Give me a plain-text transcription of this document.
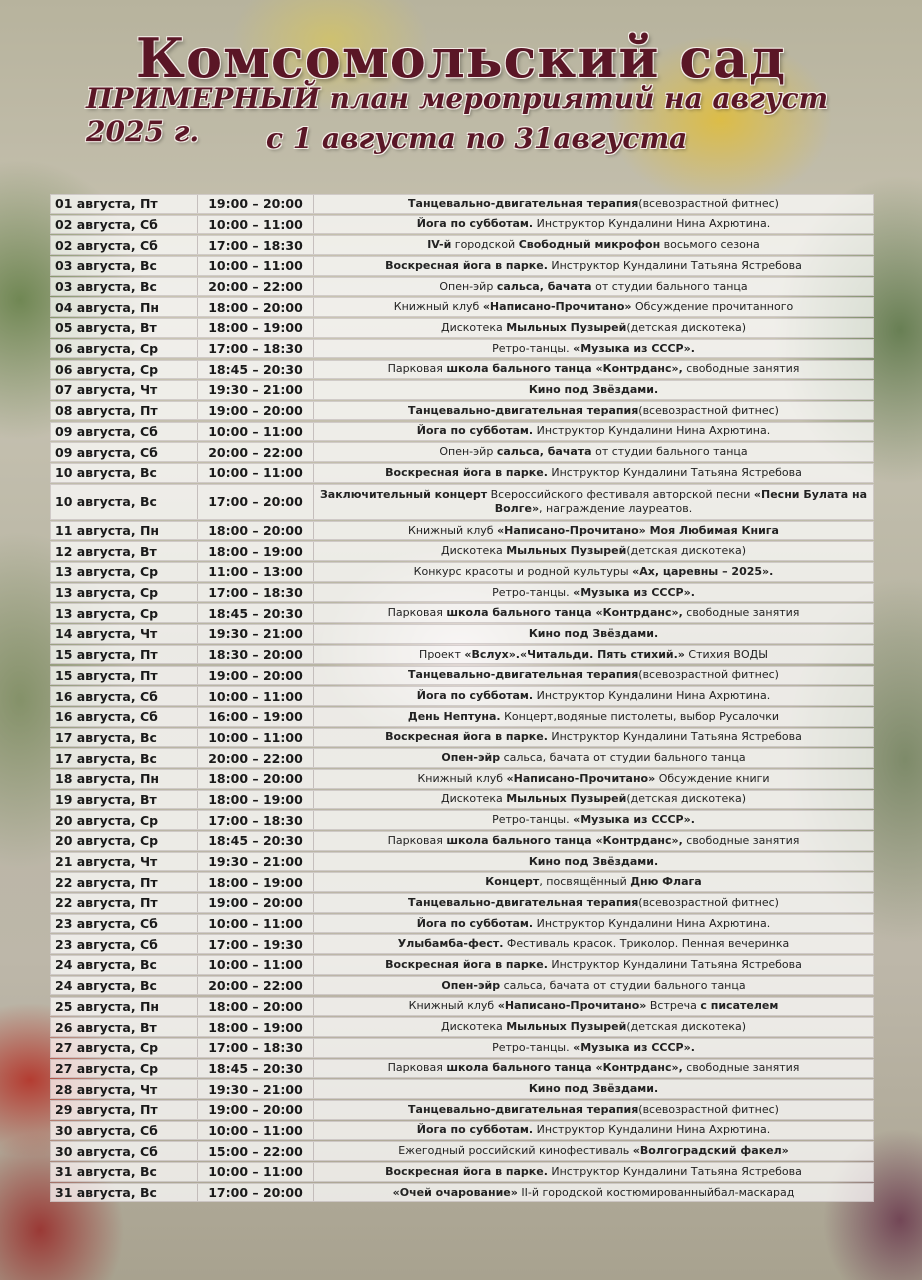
Комсомольский сад
ПРИМЕРНЫЙ план мероприятий на август 2025 г.	с 1 августа по 31августа
01 августа, Пт	19:00 – 20:00	Танцевально-двигательная терапия(всевозрастной фитнес)
02 августа, Сб	10:00 – 11:00	Йога по субботам. Инструктор Кундалини Нина Ахрютина.
02 августа, Сб	17:00 – 18:30	IV-й городской Свободный микрофон восьмого сезона
03 августа, Вс	10:00 – 11:00	Воскресная йога в парке. Инструктор Кундалини Татьяна Ястребова
03 августа, Вс	20:00 – 22:00	Опен-эйр сальса, бачата от студии бального танца
04 августа, Пн	18:00 – 20:00	Книжный клуб «Написано-Прочитано» Обсуждение прочитанного
05 августа, Вт	18:00 – 19:00	Дискотека Мыльных Пузырей(детская дискотека)
06 августа, Ср	17:00 – 18:30	Ретро-танцы. «Музыка из СССР».
06 августа, Ср	18:45 – 20:30	Парковая школа бального танца «Контрданс», свободные занятия
07 августа, Чт	19:30 – 21:00	Кино под Звёздами.
08 августа, Пт	19:00 – 20:00	Танцевально-двигательная терапия(всевозрастной фитнес)
09 августа, Сб	10:00 – 11:00	Йога по субботам. Инструктор Кундалини Нина Ахрютина.
09 августа, Сб	20:00 – 22:00	Опен-эйр сальса, бачата от студии бального танца
10 августа, Вс	10:00 – 11:00	Воскресная йога в парке. Инструктор Кундалини Татьяна Ястребова
10 августа, Вс	17:00 – 20:00	Заключительный концерт Всероссийского фестиваля авторской песни «Песни Булата на Волге», награждение лауреатов.
11 августа, Пн	18:00 – 20:00	Книжный клуб «Написано-Прочитано» Моя Любимая Книга
12 августа, Вт	18:00 – 19:00	Дискотека Мыльных Пузырей(детская дискотека)
13 августа, Ср	11:00 – 13:00	Конкурс красоты и родной культуры «Ах, царевны – 2025».
13 августа, Ср	17:00 – 18:30	Ретро-танцы. «Музыка из СССР».
13 августа, Ср	18:45 – 20:30	Парковая школа бального танца «Контрданс», свободные занятия
14 августа, Чт	19:30 – 21:00	Кино под Звёздами.
15 августа, Пт	18:30 – 20:00	Проект «Вслух».«Читальди. Пять стихий.» Стихия ВОДЫ
15 августа, Пт	19:00 – 20:00	Танцевально-двигательная терапия(всевозрастной фитнес)
16 августа, Сб	10:00 – 11:00	Йога по субботам. Инструктор Кундалини Нина Ахрютина.
16 августа, Сб	16:00 – 19:00	День Нептуна. Концерт,водяные пистолеты, выбор Русалочки
17 августа, Вс	10:00 – 11:00	Воскресная йога в парке. Инструктор Кундалини Татьяна Ястребова
17 августа, Вс	20:00 – 22:00	Опен-эйр сальса, бачата от студии бального танца
18 августа, Пн	18:00 – 20:00	Книжный клуб «Написано-Прочитано» Обсуждение книги
19 августа, Вт	18:00 – 19:00	Дискотека Мыльных Пузырей(детская дискотека)
20 августа, Ср	17:00 – 18:30	Ретро-танцы. «Музыка из СССР».
20 августа, Ср	18:45 – 20:30	Парковая школа бального танца «Контрданс», свободные занятия
21 августа, Чт	19:30 – 21:00	Кино под Звёздами.
22 августа, Пт	18:00 – 19:00	Концерт, посвящённый Дню Флага
22 августа, Пт	19:00 – 20:00	Танцевально-двигательная терапия(всевозрастной фитнес)
23 августа, Сб	10:00 – 11:00	Йога по субботам. Инструктор Кундалини Нина Ахрютина.
23 августа, Сб	17:00 – 19:30	Улыбамба-фест. Фестиваль красок. Триколор. Пенная вечеринка
24 августа, Вс	10:00 – 11:00	Воскресная йога в парке. Инструктор Кундалини Татьяна Ястребова
24 августа, Вс	20:00 – 22:00	Опен-эйр сальса, бачата от студии бального танца
25 августа, Пн	18:00 – 20:00	Книжный клуб «Написано-Прочитано» Встреча с писателем
26 августа, Вт	18:00 – 19:00	Дискотека Мыльных Пузырей(детская дискотека)
27 августа, Ср	17:00 – 18:30	Ретро-танцы. «Музыка из СССР».
27 августа, Ср	18:45 – 20:30	Парковая школа бального танца «Контрданс», свободные занятия
28 августа, Чт	19:30 – 21:00	Кино под Звёздами.
29 августа, Пт	19:00 – 20:00	Танцевально-двигательная терапия(всевозрастной фитнес)
30 августа, Сб	10:00 – 11:00	Йога по субботам. Инструктор Кундалини Нина Ахрютина.
30 августа, Сб	15:00 – 22:00	Ежегодный российский кинофестиваль «Волгоградский факел»
31 августа, Вс	10:00 – 11:00	Воскресная йога в парке. Инструктор Кундалини Татьяна Ястребова
31 августа, Вс	17:00 – 20:00	«Очей очарование» II-й городской костюмированныйбал-маскарад
